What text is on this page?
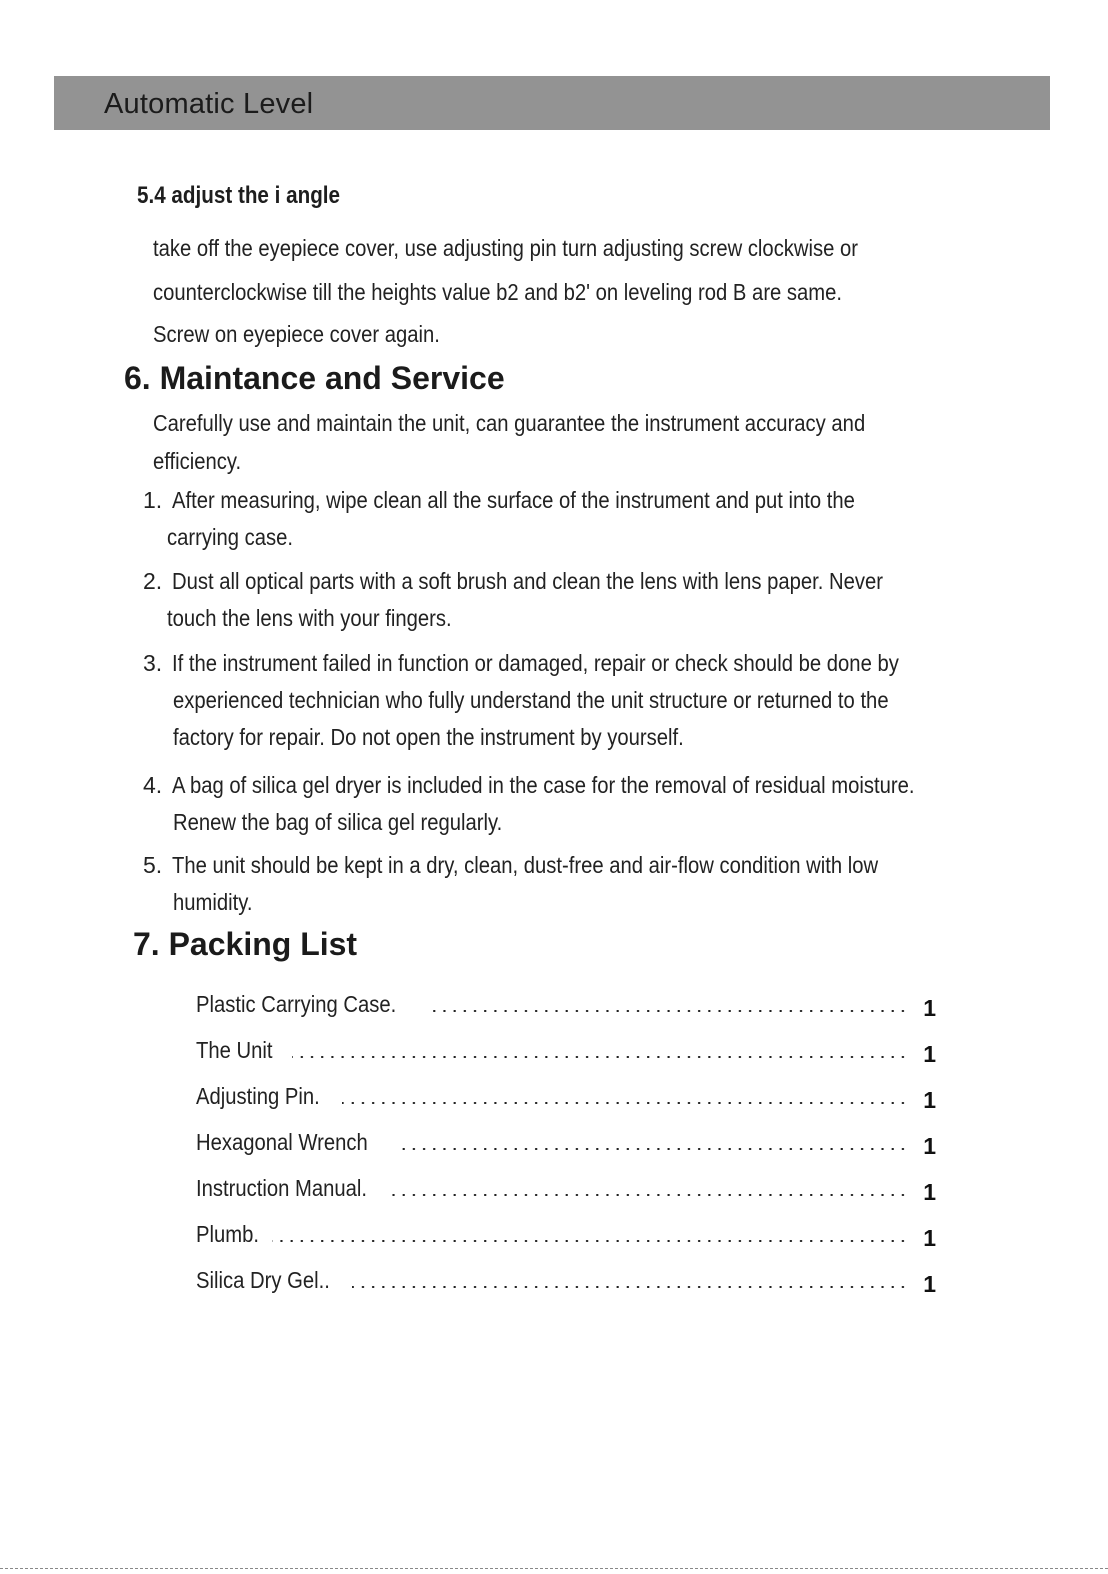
Automatic Level
5.4 adjust the i angle
take off the eyepiece cover, use adjusting pin turn adjusting screw clockwise or
counterclockwise till the heights value b2 and b2' on leveling rod B are same.
Screw on eyepiece cover again.
6. Maintance and Service
Carefully use and maintain the unit, can guarantee the instrument accuracy and
efficiency.
1. After measuring, wipe clean all the surface of the instrument and put into the
carrying case.
2. Dust all optical parts with a soft brush and clean the lens with lens paper. Never
touch the lens with your fingers.
3. If the instrument failed in function or damaged, repair or check should be done by
experienced technician who fully understand the unit structure or returned to the
factory for repair. Do not open the instrument by yourself.
4. A bag of silica gel dryer is included in the case for the removal of residual moisture.
Renew the bag of silica gel regularly.
5. The unit should be kept in a dry, clean, dust-free and air-flow condition with low
humidity.
7. Packing List
Plastic Carrying Case.	1
The Unit	1
Adjusting Pin.	1
Hexagonal Wrench	1
Instruction Manual.	1
Plumb.	1
Silica Dry Gel..	1
